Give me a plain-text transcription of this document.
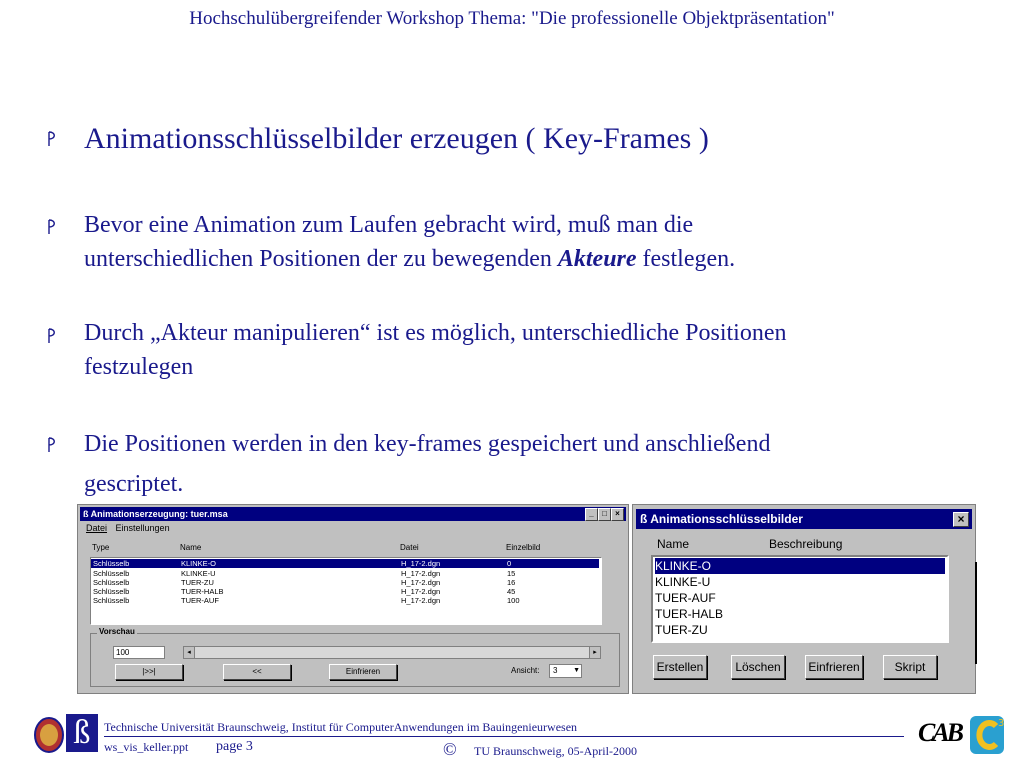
Hochschulübergreifender Workshop Thema: "Die professionelle Objektpräsentation"
Animationsschlüsselbilder erzeugen ( Key-Frames )
Bevor eine Animation zum Laufen gebracht wird, muß man die
unterschiedlichen Positionen der zu bewegenden Akteure festlegen.
Durch „Akteur manipulieren“ ist es möglich, unterschiedliche Positionen
festzulegen
Die Positionen werden in den key-frames gespeichert und anschließend
gescriptet.
ß Animationserzeugung: tuer.msa	_	□	×
Datei Einstellungen
Type	Name	Datei	Einzelbild
Schlüsselb	KLINKE-O	H_17-2.dgn	0
Schlüsselb	KLINKE-U	H_17-2.dgn	15
Schlüsselb	TUER-ZU	H_17-2.dgn	16
Schlüsselb	TUER-HALB	H_17-2.dgn	45
Schlüsselb	TUER-AUF	H_17-2.dgn	100
Vorschau
100	◂	▸
|>>|	<<	Einfrieren	Ansicht:	3 ▼
ß Animationsschlüsselbilder	×
Name	Beschreibung
KLINKE-O
KLINKE-U
TUER-AUF
TUER-HALB
TUER-ZU
Erstellen	Löschen	Einfrieren	Skript
ß	Technische Universität Braunschweig, Institut für ComputerAnwendungen im Bauingenieurwesen
ws_vis_keller.ppt page 3	© TU Braunschweig, 05-April-2000
CAB	3
